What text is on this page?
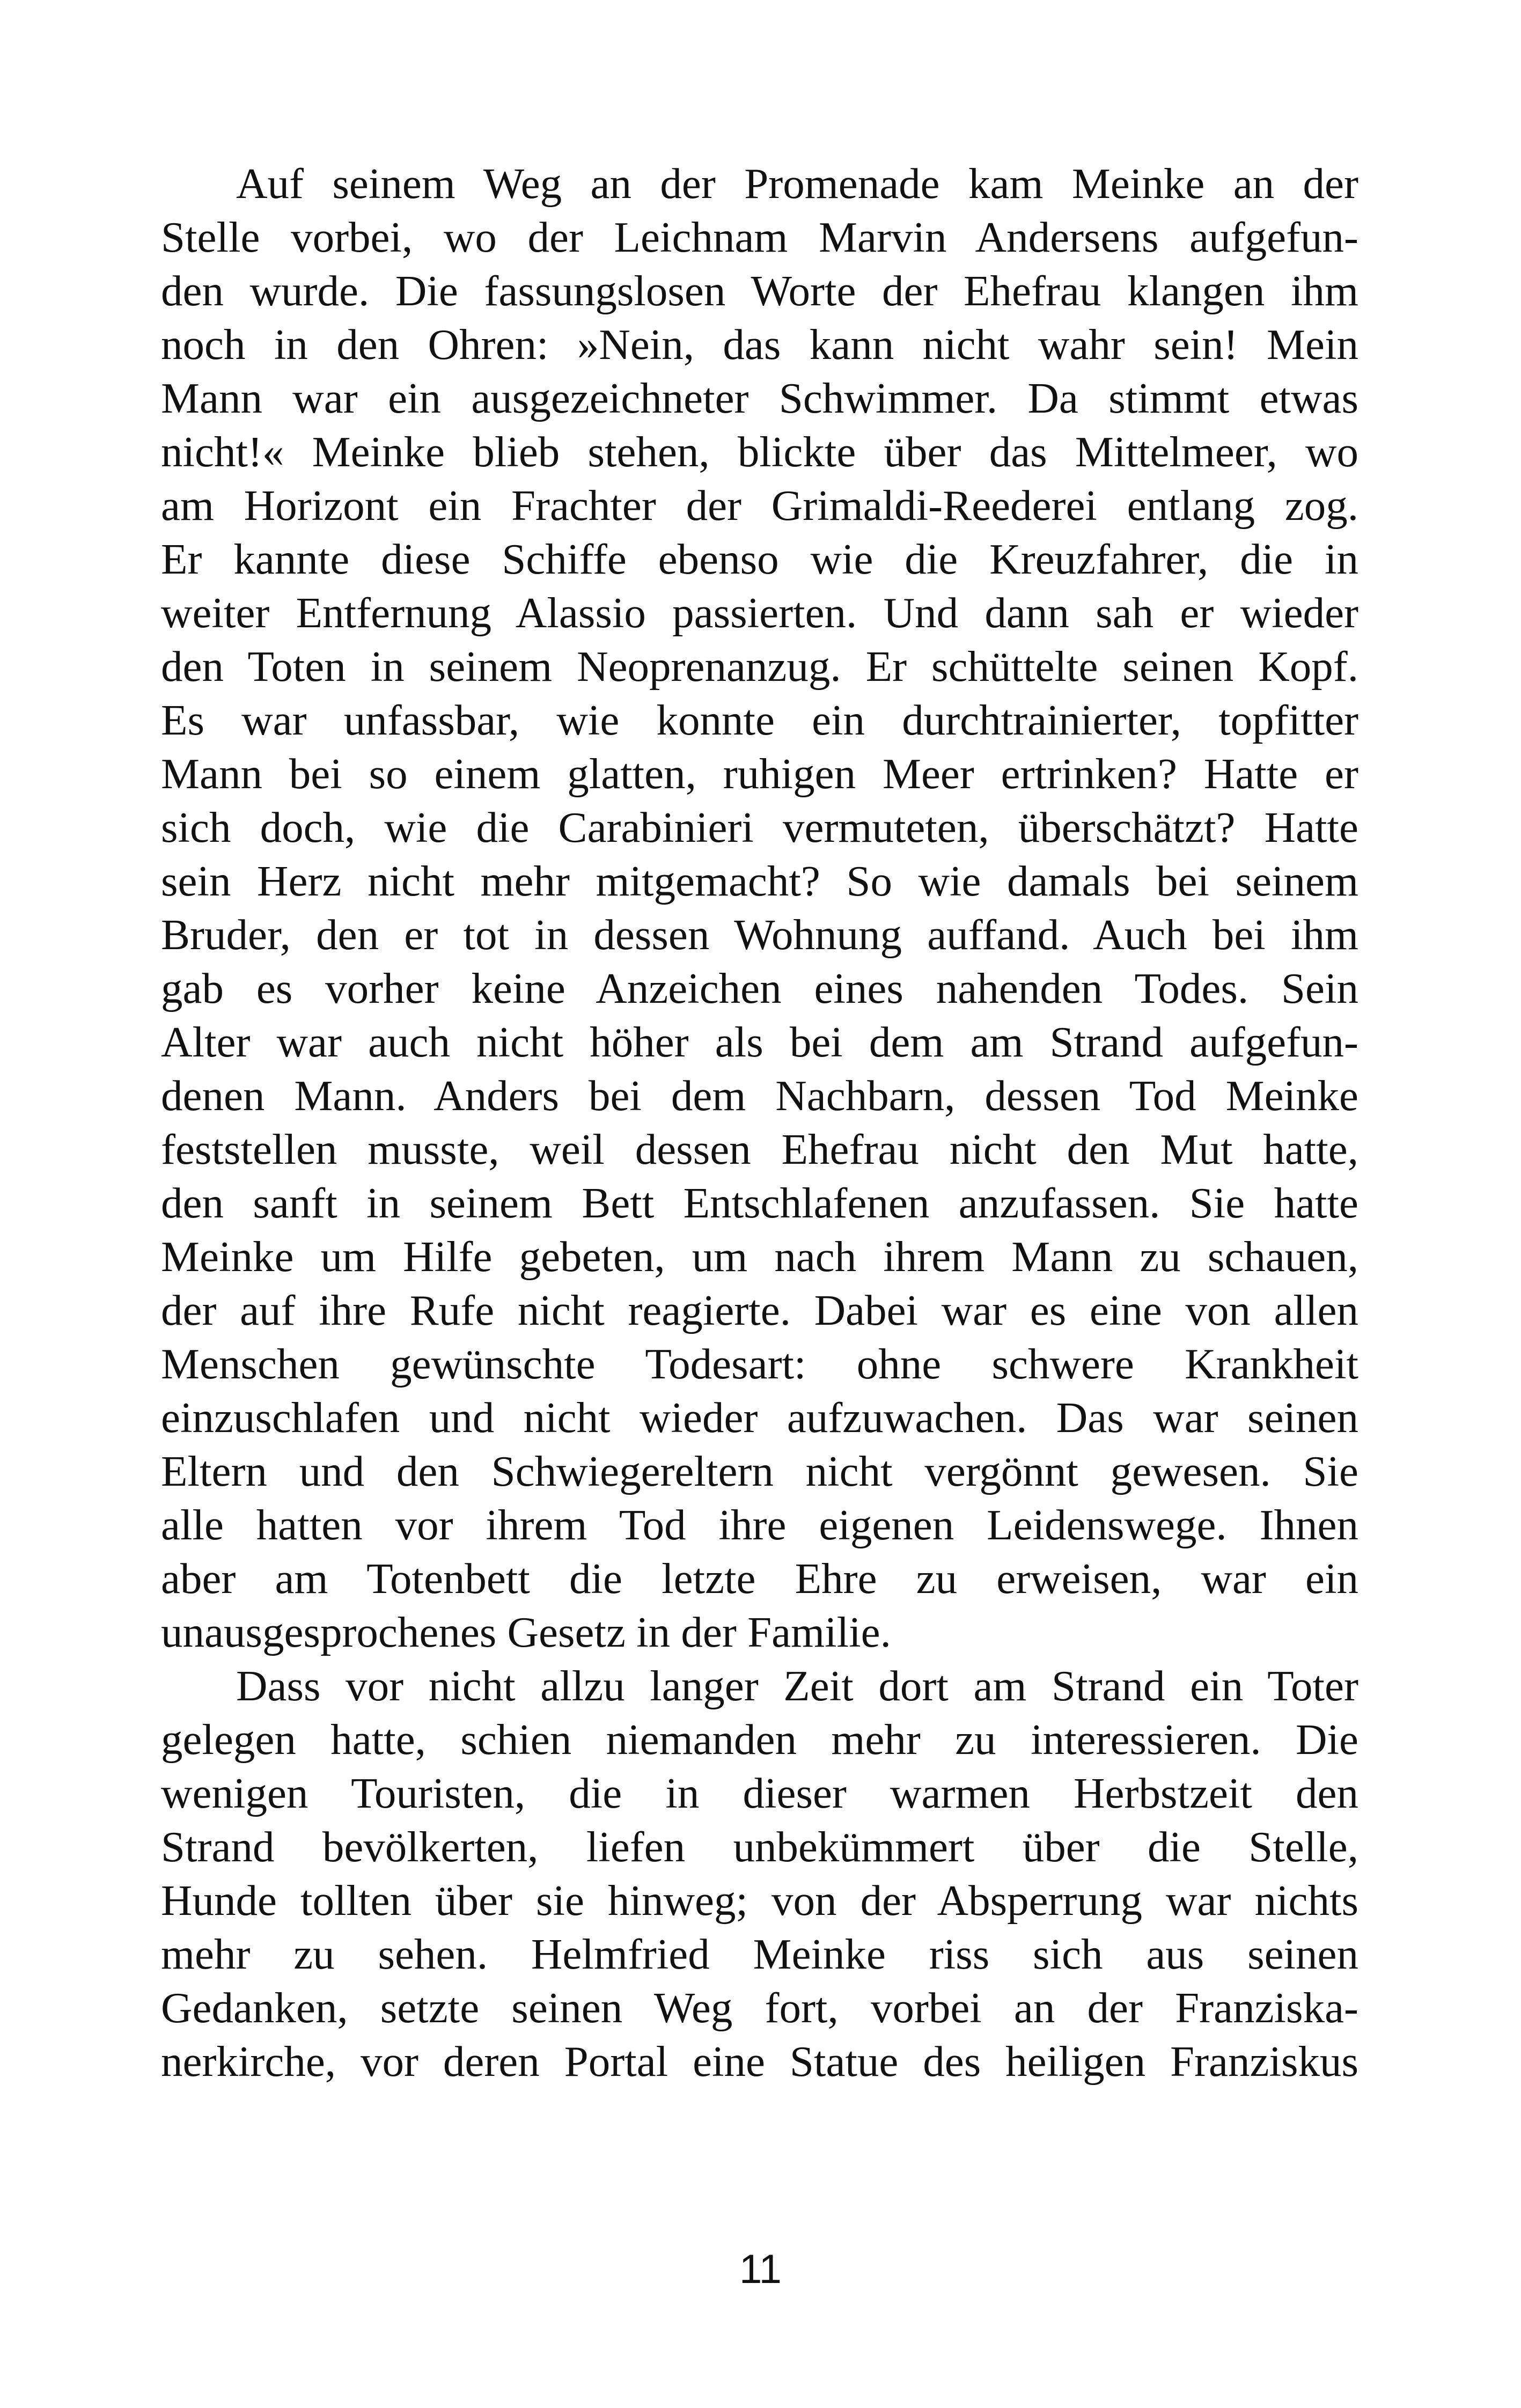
Auf seinem Weg an der Promenade kam Meinke an der
Stelle vorbei, wo der Leichnam Marvin Andersens aufgefun-
den wurde. Die fassungslosen Worte der Ehefrau klangen ihm
noch in den Ohren: »Nein, das kann nicht wahr sein! Mein
Mann war ein ausgezeichneter Schwimmer. Da stimmt etwas
nicht!« Meinke blieb stehen, blickte über das Mittelmeer, wo
am Horizont ein Frachter der Grimaldi-Reederei entlang zog.
Er kannte diese Schiffe ebenso wie die Kreuzfahrer, die in
weiter Entfernung Alassio passierten. Und dann sah er wieder
den Toten in seinem Neoprenanzug. Er schüttelte seinen Kopf.
Es war unfassbar, wie konnte ein durchtrainierter, topfitter
Mann bei so einem glatten, ruhigen Meer ertrinken? Hatte er
sich doch, wie die Carabinieri vermuteten, überschätzt? Hatte
sein Herz nicht mehr mitgemacht? So wie damals bei seinem
Bruder, den er tot in dessen Wohnung auffand. Auch bei ihm
gab es vorher keine Anzeichen eines nahenden Todes. Sein
Alter war auch nicht höher als bei dem am Strand aufgefun-
denen Mann. Anders bei dem Nachbarn, dessen Tod Meinke
feststellen musste, weil dessen Ehefrau nicht den Mut hatte,
den sanft in seinem Bett Entschlafenen anzufassen. Sie hatte
Meinke um Hilfe gebeten, um nach ihrem Mann zu schauen,
der auf ihre Rufe nicht reagierte. Dabei war es eine von allen
Menschen gewünschte Todesart: ohne schwere Krankheit
einzuschlafen und nicht wieder aufzuwachen. Das war seinen
Eltern und den Schwiegereltern nicht vergönnt gewesen. Sie
alle hatten vor ihrem Tod ihre eigenen Leidenswege. Ihnen
aber am Totenbett die letzte Ehre zu erweisen, war ein
unausgesprochenes Gesetz in der Familie.
Dass vor nicht allzu langer Zeit dort am Strand ein Toter
gelegen hatte, schien niemanden mehr zu interessieren. Die
wenigen Touristen, die in dieser warmen Herbstzeit den
Strand bevölkerten, liefen unbekümmert über die Stelle,
Hunde tollten über sie hinweg; von der Absperrung war nichts
mehr zu sehen. Helmfried Meinke riss sich aus seinen
Gedanken, setzte seinen Weg fort, vorbei an der Franziska-
nerkirche, vor deren Portal eine Statue des heiligen Franziskus
11
